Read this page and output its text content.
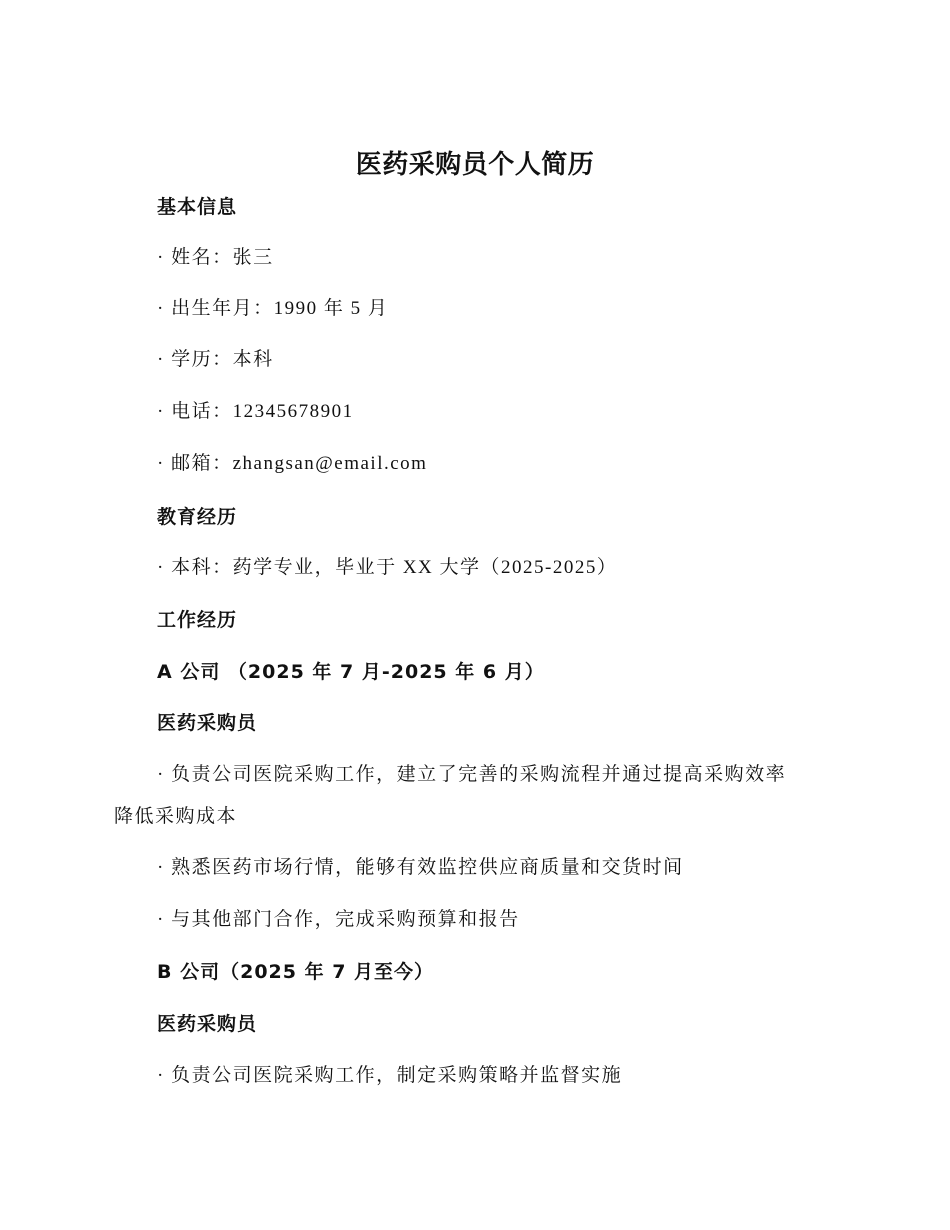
医药采购员个人简历
基本信息
· 姓名：张三
· 出生年月：1990 年 5 月
· 学历：本科
· 电话：12345678901
· 邮箱：zhangsan@email.com
教育经历
· 本科：药学专业，毕业于 XX 大学（2025-2025）
工作经历
A 公司 （2025 年 7 月-2025 年 6 月）
医药采购员
· 负责公司医院采购工作，建立了完善的采购流程并通过提高采购效率
降低采购成本
· 熟悉医药市场行情，能够有效监控供应商质量和交货时间
· 与其他部门合作，完成采购预算和报告
B 公司（2025 年 7 月至今）
医药采购员
· 负责公司医院采购工作，制定采购策略并监督实施
